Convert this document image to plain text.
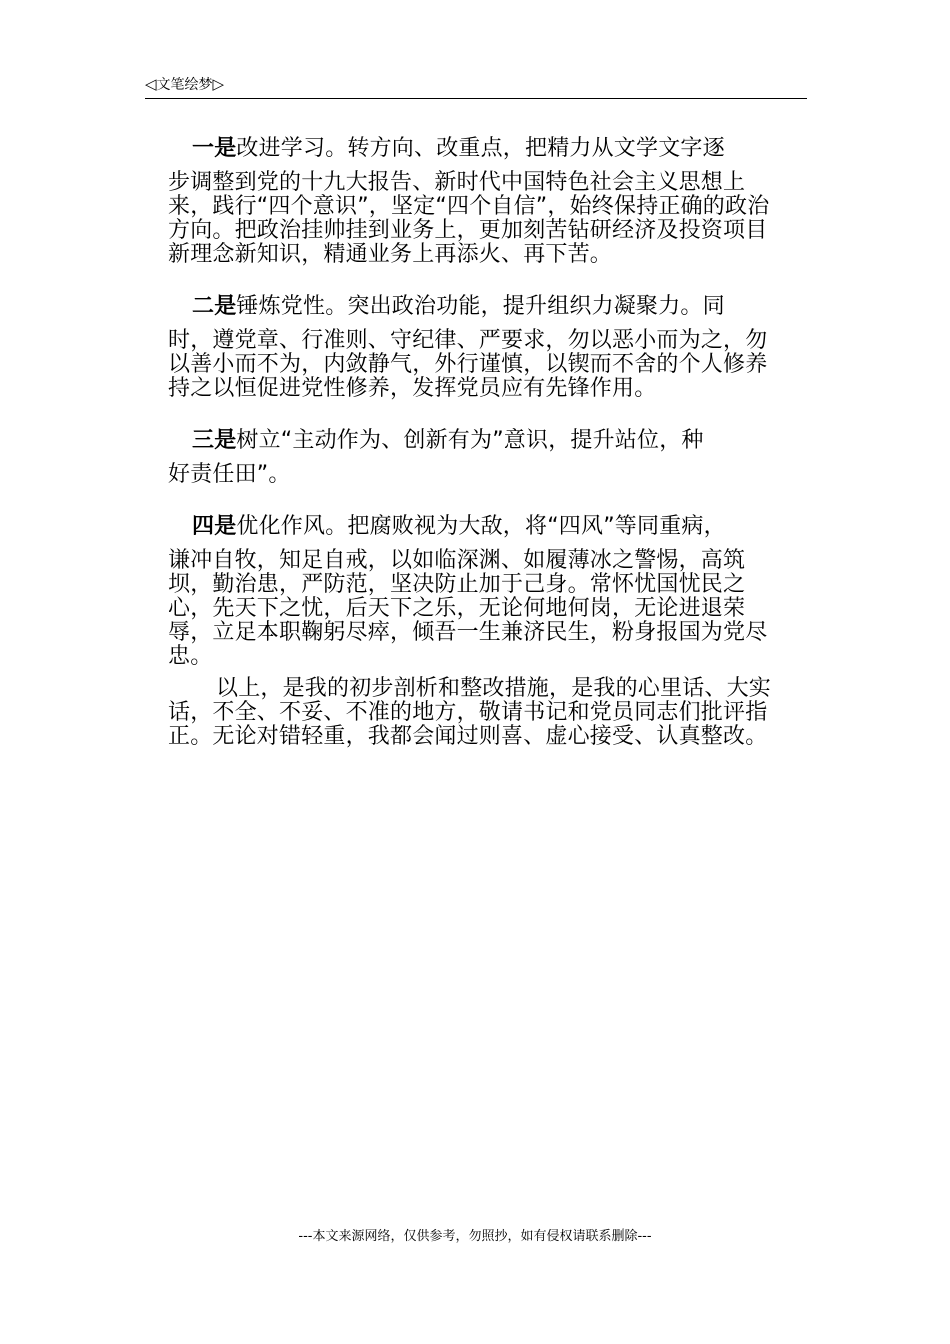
◁文笔绘梦▷

一是改进学习。转方向、改重点，把精力从文学文字逐

步调整到党的十九大报告、新时代中国特色社会主义思想上来，践行“四个意识”，坚定“四个自信”，始终保持正确的政治方向。把政治挂帅挂到业务上，更加刻苦钻研经济及投资项目新理念新知识，精通业务上再添火、再下苦。

二是锤炼党性。突出政治功能，提升组织力凝聚力。同

时，遵党章、行准则、守纪律、严要求，勿以恶小而为之，勿以善小而不为，内敛静气，外行谨慎，以锲而不舍的个人修养持之以恒促进党性修养，发挥党员应有先锋作用。

三是树立“主动作为、创新有为”意识，提升站位，种

好责任田”。

四是优化作风。把腐败视为大敌，将“四风”等同重病，

谦冲自牧，知足自戒，以如临深渊、如履薄冰之警惕，高筑坝，勤治患，严防范，坚决防止加于己身。常怀忧国忧民之心，先天下之忧，后天下之乐，无论何地何岗，无论进退荣辱，立足本职鞠躬尽瘁，倾吾一生兼济民生，粉身报国为党尽忠。

以上，是我的初步剖析和整改措施，是我的心里话、大实话，不全、不妥、不准的地方，敬请书记和党员同志们批评指正。无论对错轻重，我都会闻过则喜、虚心接受、认真整改。

---本文来源网络，仅供参考，勿照抄，如有侵权请联系删除---
